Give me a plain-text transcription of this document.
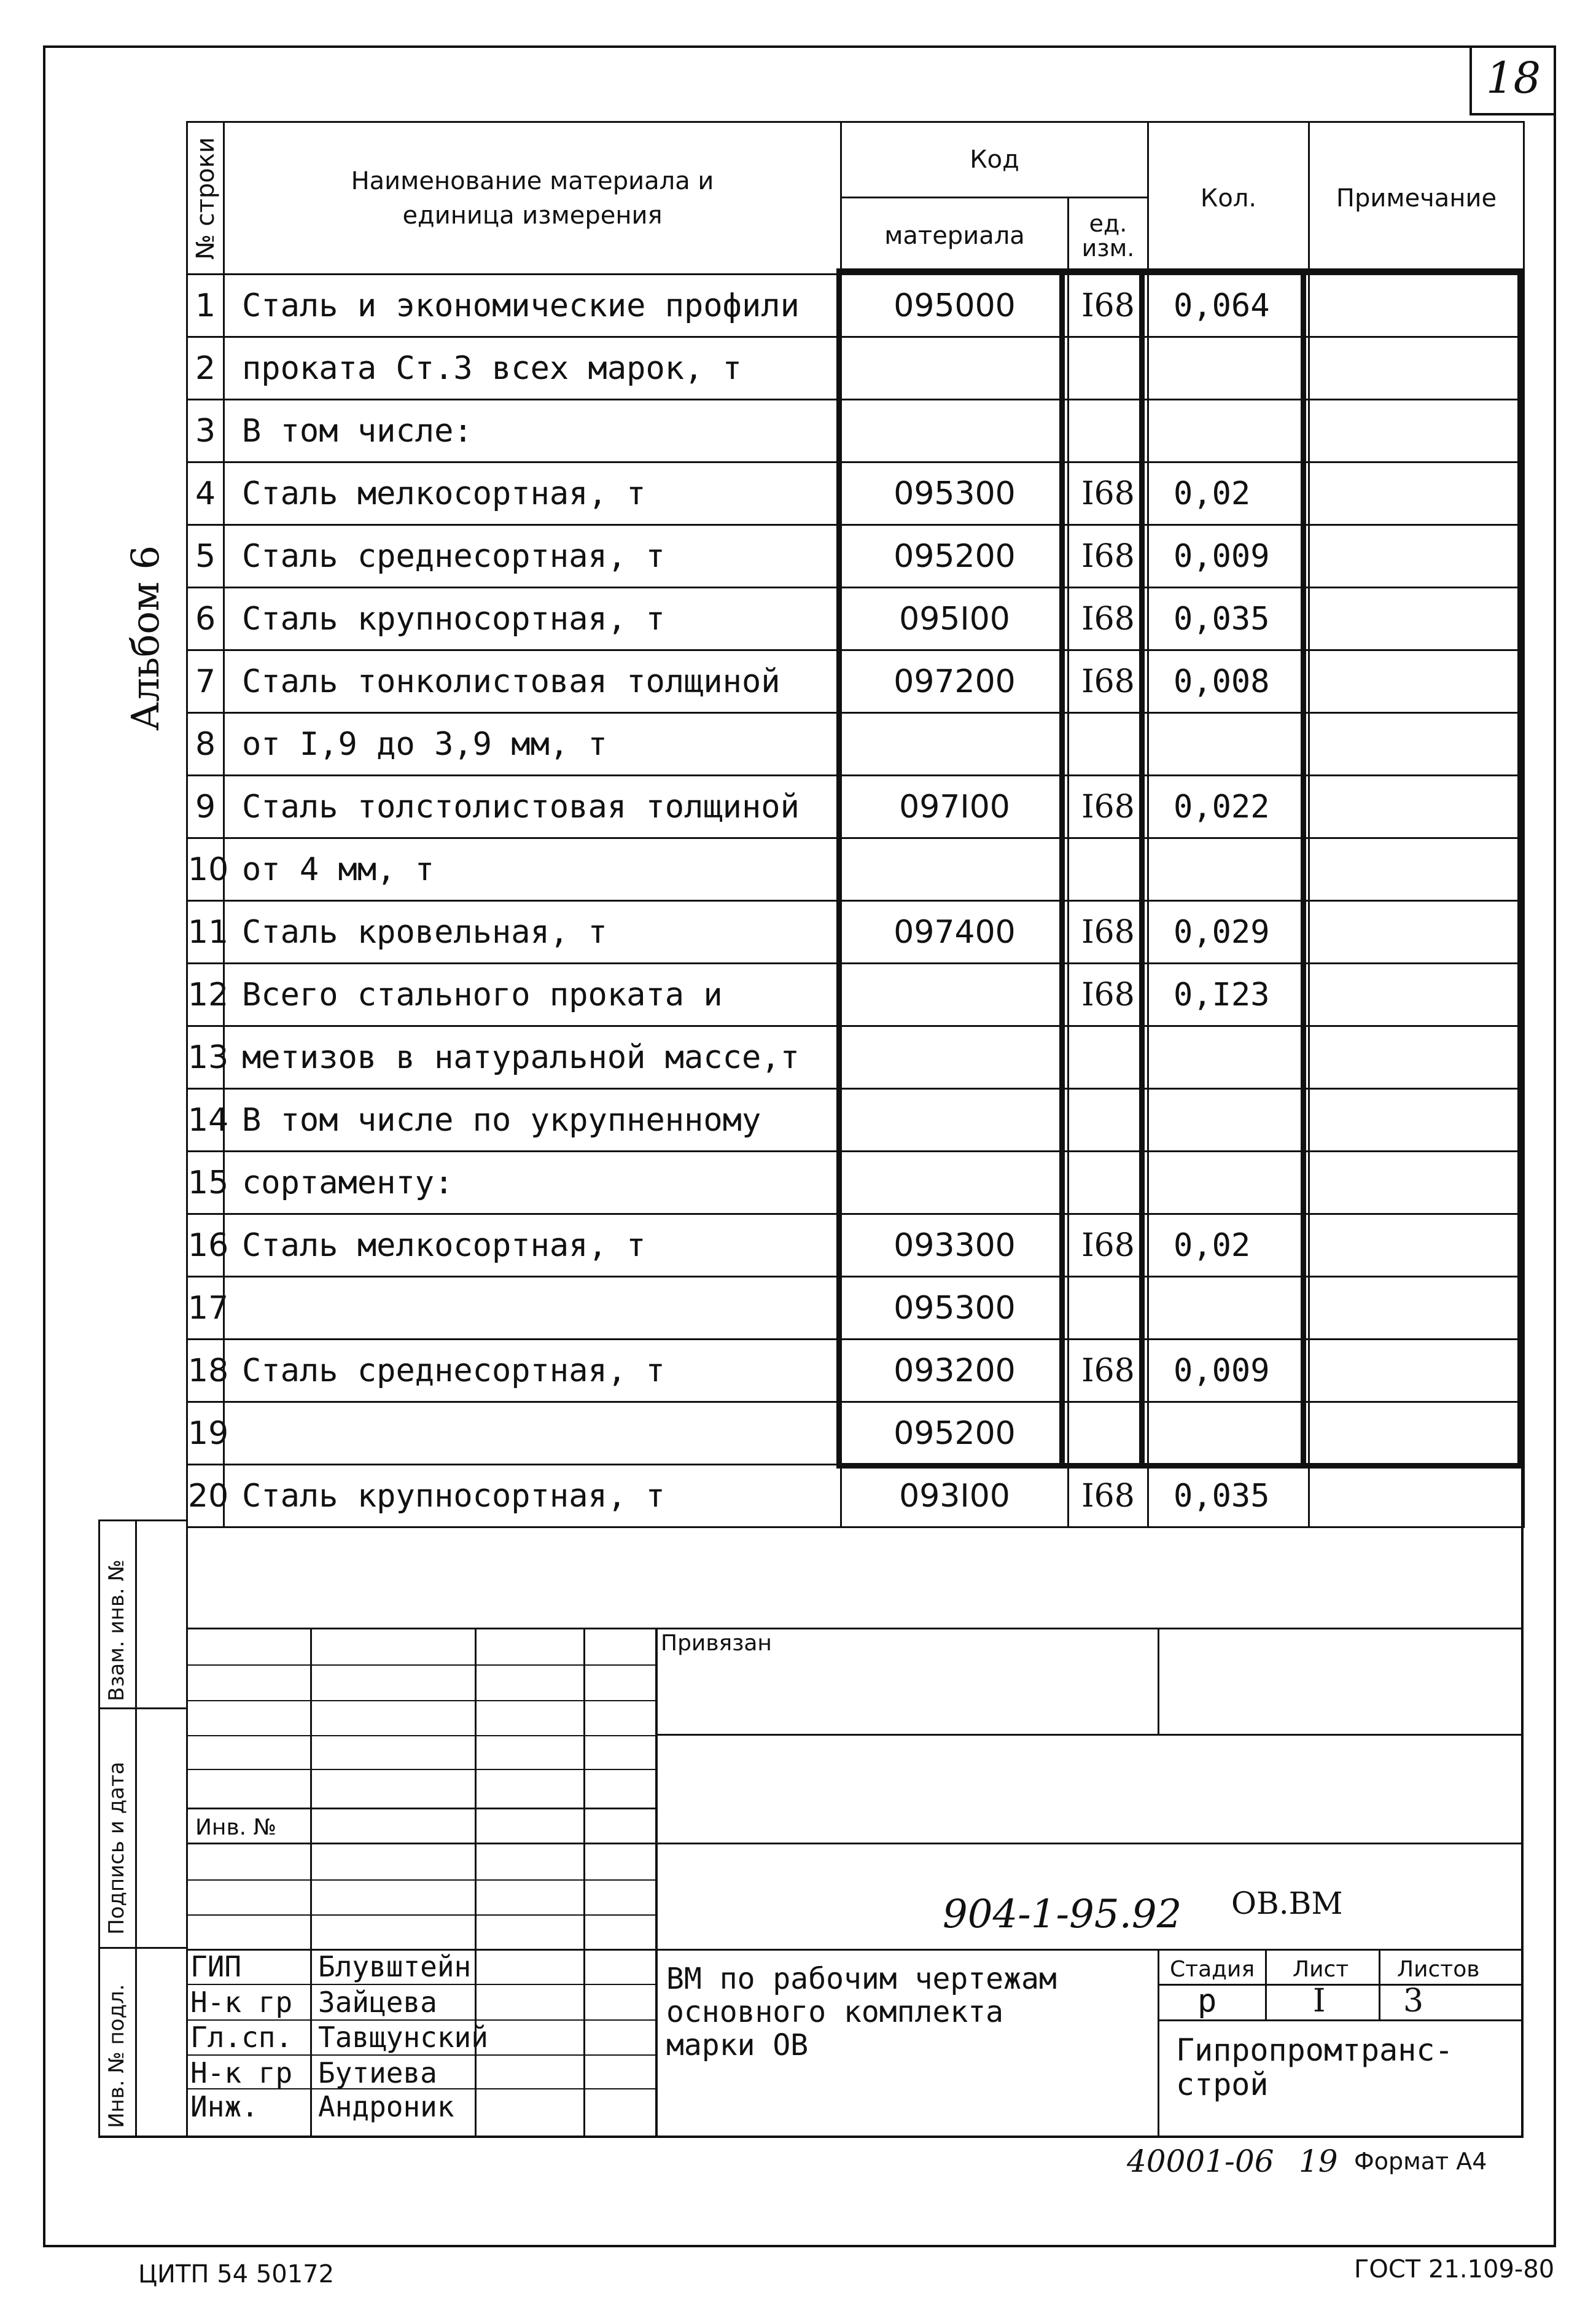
18
Альбом 6
№ строки	Наименование материала и единица измерения	Код		Кол.	Примечание
		материала	ед. изм.		
1	Сталь и экономические профили	095000	I68	0,064	
2	проката Ст.3 всех марок, т				
3	В том числе:				
4	Сталь мелкосортная, т	095300	I68	0,02	
5	Сталь среднесортная, т	095200	I68	0,009	
6	Сталь крупносортная, т	095I00	I68	0,035	
7	Сталь тонколистовая толщиной	097200	I68	0,008	
8	от I,9 до 3,9 мм, т				
9	Сталь толстолистовая толщиной	097I00	I68	0,022	
10	от 4 мм, т				
11	Сталь кровельная, т	097400	I68	0,029	
12	Всего стального проката и		I68	0,I23	
13	метизов в натуральной массе,т				
14	В том числе по укрупненному				
15	сортаменту:				
16	Сталь мелкосортная, т	093300	I68	0,02	
17		095300			
18	Сталь среднесортная, т	093200	I68	0,009	
19		095200			
20	Сталь крупносортная, т	093I00	I68	0,035	
Взам. инв. №
Подпись и дата
Инв. № подл.
Привязан
Инв. №
904-1-95.92 ОВ.ВМ
ГИП	Блувштейн
Н-к гр Зайцева
Гл.сп. Тавщунский
Н-к гр Бутиева
Инж. Андроник
ВМ по рабочим чертежам
основного комплекта
марки ОВ
Стадия Лист Листов
р	I 3
Гипропромтранс-
строй
40001-06 19 Формат А4
ЦИТП 54 50172	ГОСТ 21.109-80
